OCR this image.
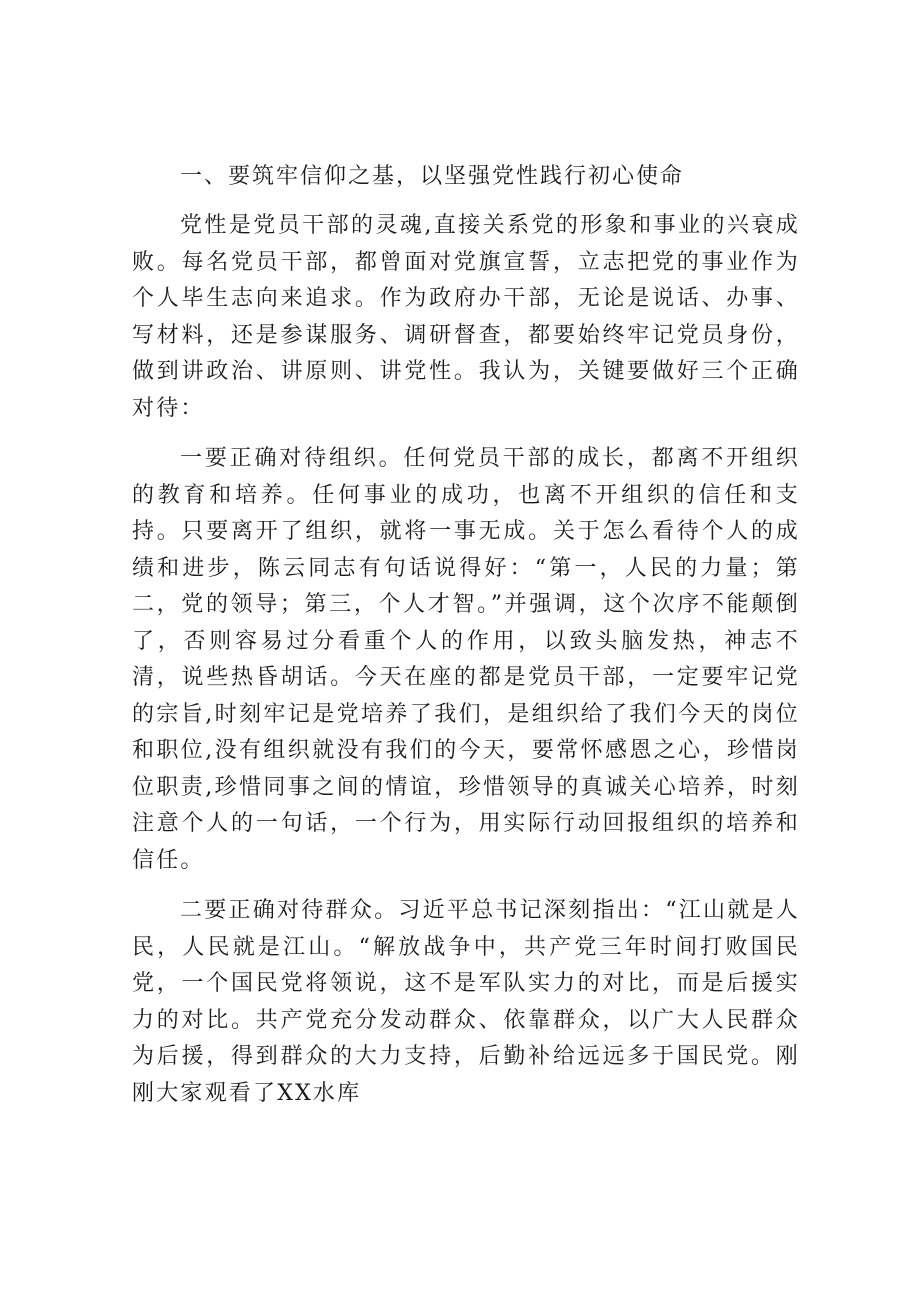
一、要筑牢信仰之基，以坚强党性践行初心使命

党性是党员干部的灵魂,直接关系党的形象和事业的兴衰成败。每名党员干部，都曾面对党旗宣誓，立志把党的事业作为个人毕生志向来追求。作为政府办干部，无论是说话、办事、写材料，还是参谋服务、调研督查，都要始终牢记党员身份，做到讲政治、讲原则、讲党性。我认为，关键要做好三个正确对待：

一要正确对待组织。任何党员干部的成长，都离不开组织的教育和培养。任何事业的成功，也离不开组织的信任和支持。只要离开了组织，就将一事无成。关于怎么看待个人的成绩和进步，陈云同志有句话说得好：“第一，人民的力量；第二，党的领导；第三，个人才智。”并强调，这个次序不能颠倒了，否则容易过分看重个人的作用，以致头脑发热，神志不清，说些热昏胡话。今天在座的都是党员干部，一定要牢记党的宗旨,时刻牢记是党培养了我们，是组织给了我们今天的岗位和职位,没有组织就没有我们的今天，要常怀感恩之心，珍惜岗位职责,珍惜同事之间的情谊，珍惜领导的真诚关心培养，时刻注意个人的一句话，一个行为，用实际行动回报组织的培养和信任。

二要正确对待群众。习近平总书记深刻指出：“江山就是人民，人民就是江山。“解放战争中，共产党三年时间打败国民党，一个国民党将领说，这不是军队实力的对比，而是后援实力的对比。共产党充分发动群众、依靠群众，以广大人民群众为后援，得到群众的大力支持，后勤补给远远多于国民党。刚刚大家观看了XX水库
